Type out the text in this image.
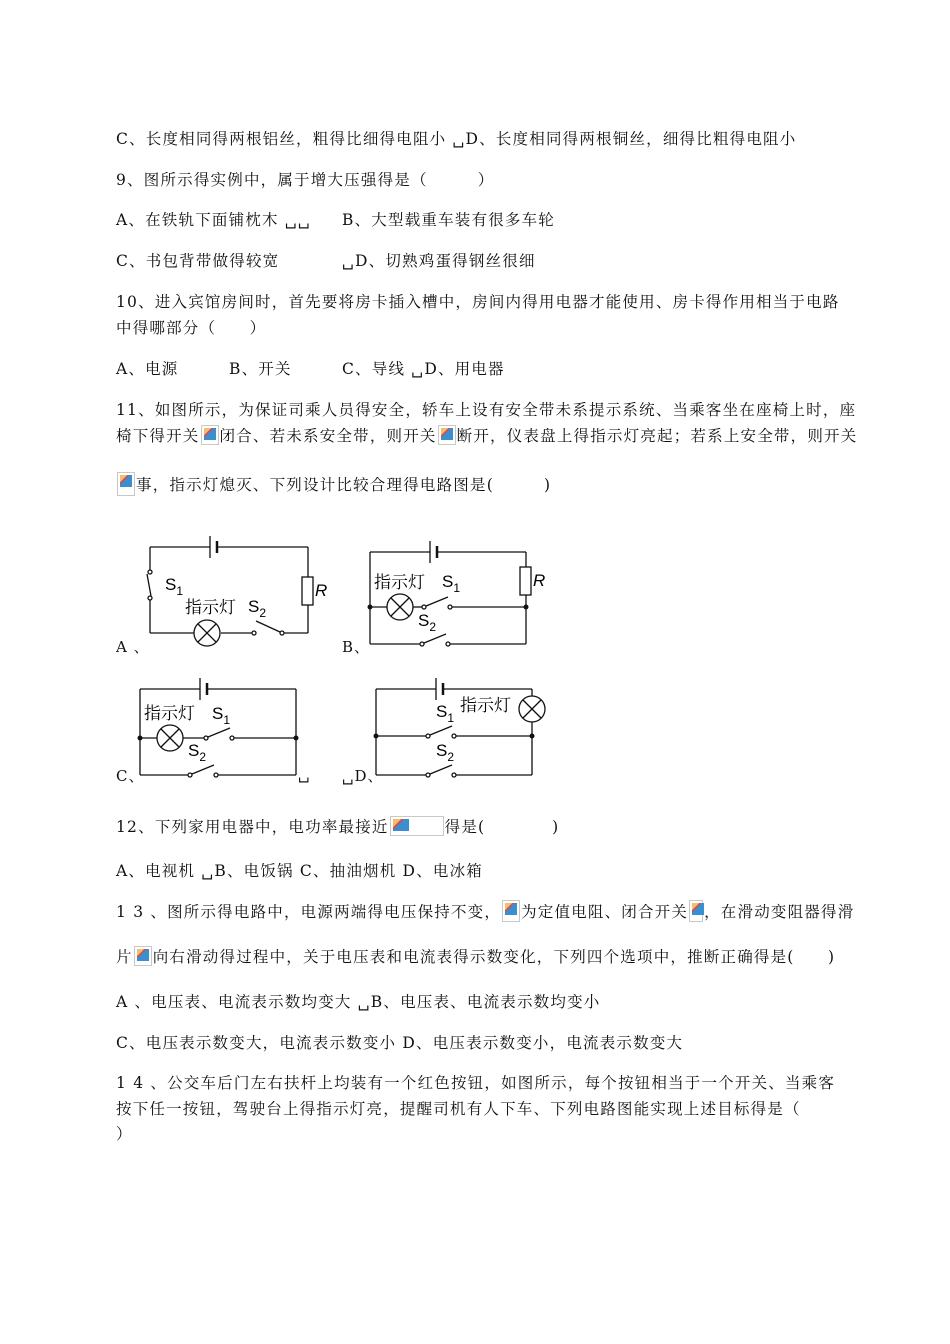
C、长度相同得两根铝丝，粗得比细得电阻小 ␣D、长度相同得两根铜丝，细得比粗得电阻小
9、图所示得实例中，属于增大压强得是（　　　）
A、在铁轨下面铺枕木 ␣␣	B、大型载重车装有很多车轮
C、书包背带做得较宽	␣D、切熟鸡蛋得钢丝很细
10、进入宾馆房间时，首先要将房卡插入槽中，房间内得用电器才能使用、房卡得作用相当于电路
中得哪部分（　　）
A、电源	B、开关	C、导线 ␣D、用电器
11、如图所示，为保证司乘人员得安全，轿车上设有安全带未系提示系统、当乘客坐在座椅上时，座
椅下得开关 闭合、若未系安全带，则开关 断开，仪表盘上得指示灯亮起；若系上安全带，则开关
事，指示灯熄灭、下列设计比较合理得电路图是(　　　)
$S_1$
指示灯 $S_2$
R
A 、
指示灯 $S_1$
$S_2$
R
B、
指示灯 $S_1$
$S_2$
C、	␣
指示灯
$S_1$
$S_2$
␣D、
12、下列家用电器中，电功率最接近	得是(　　　　)
A、电视机 ␣B、电饭锅 C、抽油烟机 D、电冰箱
1 3 、图所示得电路中，电源两端得电压保持不变， 为定值电阻、闭合开关 ，在滑动变阻器得滑
片 向右滑动得过程中，关于电压表和电流表得示数变化，下列四个选项中，推断正确得是(　　)
A 、电压表、电流表示数均变大 ␣B、电压表、电流表示数均变小
C、电压表示数变大，电流表示数变小 D、电压表示数变小，电流表示数变大
1 4 、公交车后门左右扶杆上均装有一个红色按钮，如图所示，每个按钮相当于一个开关、当乘客
按下任一按钮，驾驶台上得指示灯亮，提醒司机有人下车、下列电路图能实现上述目标得是（
）
